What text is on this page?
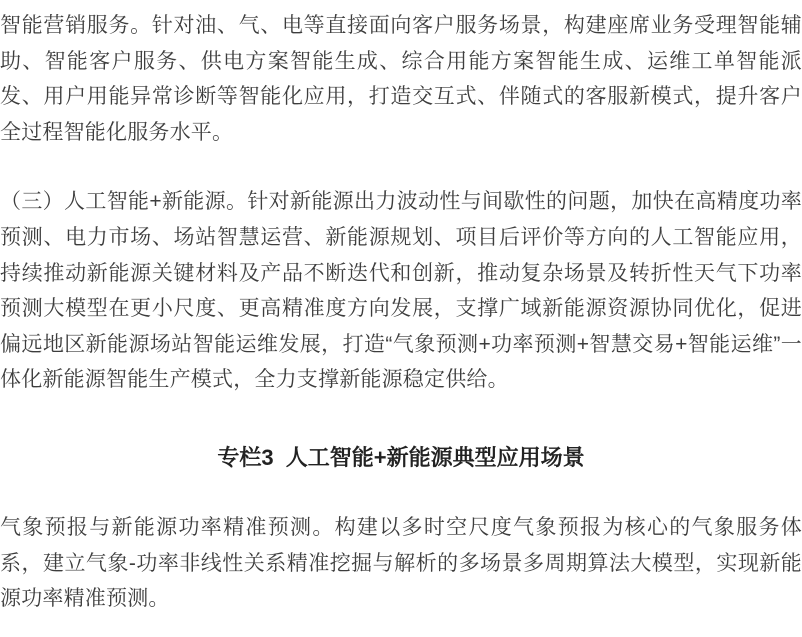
智能营销服务。针对油、气、电等直接面向客户服务场景，构建座席业务受理智能辅助、智能客户服务、供电方案智能生成、综合用能方案智能生成、运维工单智能派发、用户用能异常诊断等智能化应用，打造交互式、伴随式的客服新模式，提升客户全过程智能化服务水平。

（三）人工智能+新能源。针对新能源出力波动性与间歇性的问题，加快在高精度功率预测、电力市场、场站智慧运营、新能源规划、项目后评价等方向的人工智能应用，持续推动新能源关键材料及产品不断迭代和创新，推动复杂场景及转折性天气下功率预测大模型在更小尺度、更高精准度方向发展，支撑广域新能源资源协同优化，促进偏远地区新能源场站智能运维发展，打造“气象预测+功率预测+智慧交易+智能运维”一体化新能源智能生产模式，全力支撑新能源稳定供给。

专栏3  人工智能+新能源典型应用场景

气象预报与新能源功率精准预测。构建以多时空尺度气象预报为核心的气象服务体系，建立气象-功率非线性关系精准挖掘与解析的多场景多周期算法大模型，实现新能源功率精准预测。
